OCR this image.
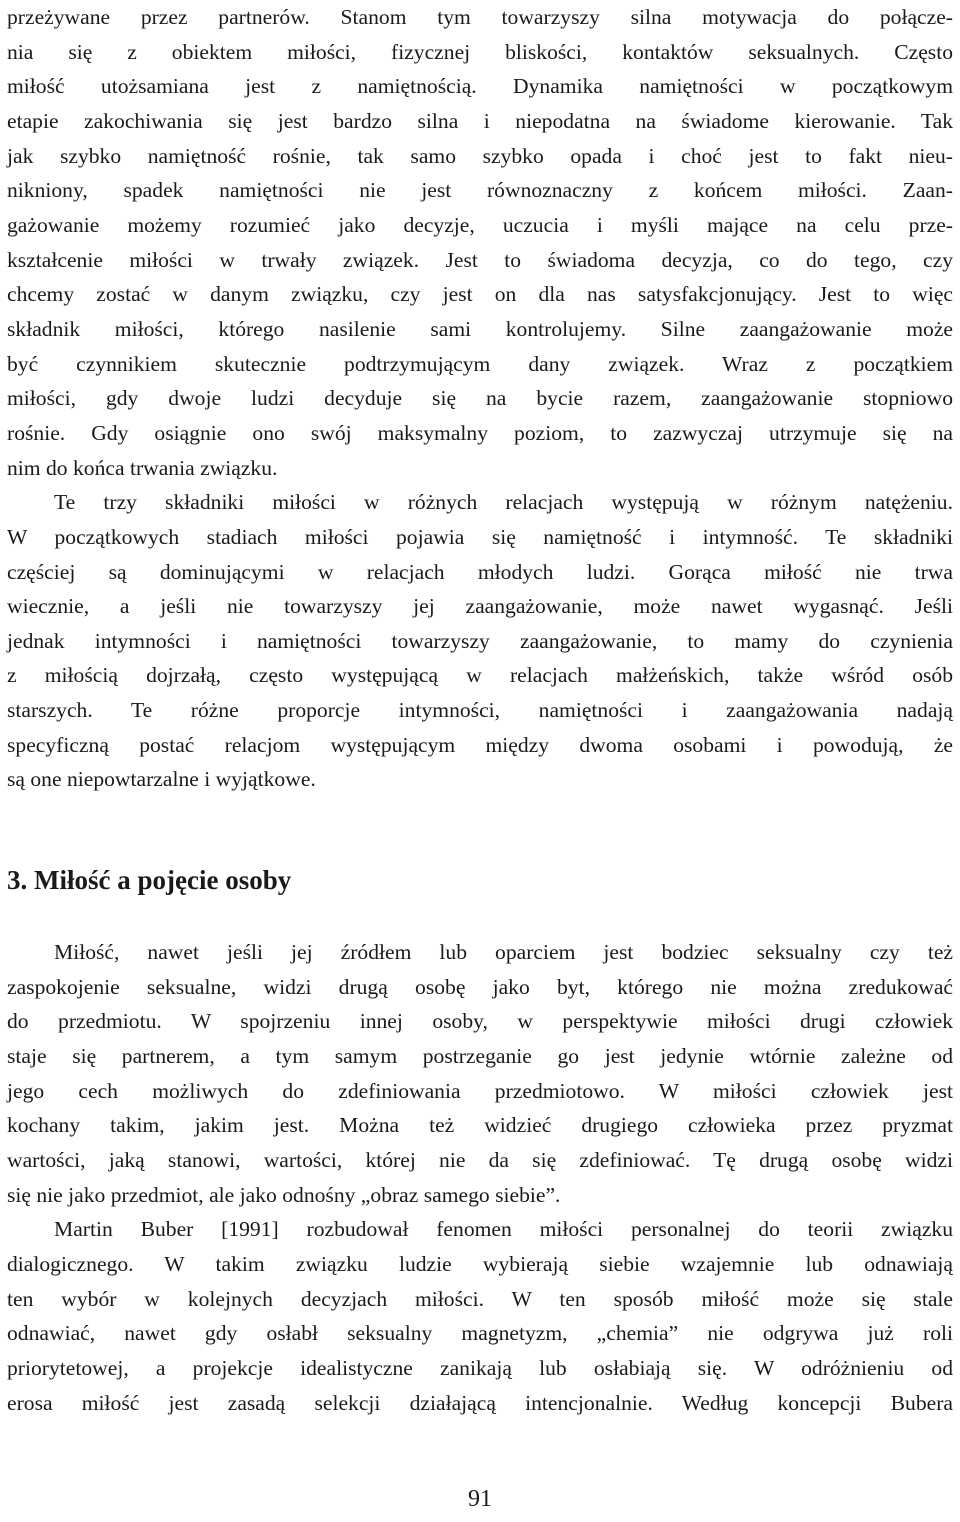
przeżywane przez partnerów. Stanom tym towarzyszy silna motywacja do połącze-
nia się z obiektem miłości, fizycznej bliskości, kontaktów seksualnych. Często
miłość utożsamiana jest z namiętnością. Dynamika namiętności w początkowym
etapie zakochiwania się jest bardzo silna i niepodatna na świadome kierowanie. Tak
jak szybko namiętność rośnie, tak samo szybko opada i choć jest to fakt nieu-
nikniony, spadek namiętności nie jest równoznaczny z końcem miłości. Zaan-
gażowanie możemy rozumieć jako decyzje, uczucia i myśli mające na celu prze-
kształcenie miłości w trwały związek. Jest to świadoma decyzja, co do tego, czy
chcemy zostać w danym związku, czy jest on dla nas satysfakcjonujący. Jest to więc
składnik miłości, którego nasilenie sami kontrolujemy. Silne zaangażowanie może
być czynnikiem skutecznie podtrzymującym dany związek. Wraz z początkiem
miłości, gdy dwoje ludzi decyduje się na bycie razem, zaangażowanie stopniowo
rośnie. Gdy osiągnie ono swój maksymalny poziom, to zazwyczaj utrzymuje się na
nim do końca trwania związku.
Te trzy składniki miłości w różnych relacjach występują w różnym natężeniu.
W początkowych stadiach miłości pojawia się namiętność i intymność. Te składniki
częściej są dominującymi w relacjach młodych ludzi. Gorąca miłość nie trwa
wiecznie, a jeśli nie towarzyszy jej zaangażowanie, może nawet wygasnąć. Jeśli
jednak intymności i namiętności towarzyszy zaangażowanie, to mamy do czynienia
z miłością dojrzałą, często występującą w relacjach małżeńskich, także wśród osób
starszych. Te różne proporcje intymności, namiętności i zaangażowania nadają
specyficzną postać relacjom występującym między dwoma osobami i powodują, że
są one niepowtarzalne i wyjątkowe.
3. Miłość a pojęcie osoby
Miłość, nawet jeśli jej źródłem lub oparciem jest bodziec seksualny czy też
zaspokojenie seksualne, widzi drugą osobę jako byt, którego nie można zredukować
do przedmiotu. W spojrzeniu innej osoby, w perspektywie miłości drugi człowiek
staje się partnerem, a tym samym postrzeganie go jest jedynie wtórnie zależne od
jego cech możliwych do zdefiniowania przedmiotowo. W miłości człowiek jest
kochany takim, jakim jest. Można też widzieć drugiego człowieka przez pryzmat
wartości, jaką stanowi, wartości, której nie da się zdefiniować. Tę drugą osobę widzi
się nie jako przedmiot, ale jako odnośny „obraz samego siebie”.
Martin Buber [1991] rozbudował fenomen miłości personalnej do teorii związku
dialogicznego. W takim związku ludzie wybierają siebie wzajemnie lub odnawiają
ten wybór w kolejnych decyzjach miłości. W ten sposób miłość może się stale
odnawiać, nawet gdy osłabł seksualny magnetyzm, „chemia” nie odgrywa już roli
priorytetowej, a projekcje idealistyczne zanikają lub osłabiają się. W odróżnieniu od
erosa miłość jest zasadą selekcji działającą intencjonalnie. Według koncepcji Bubera
91
